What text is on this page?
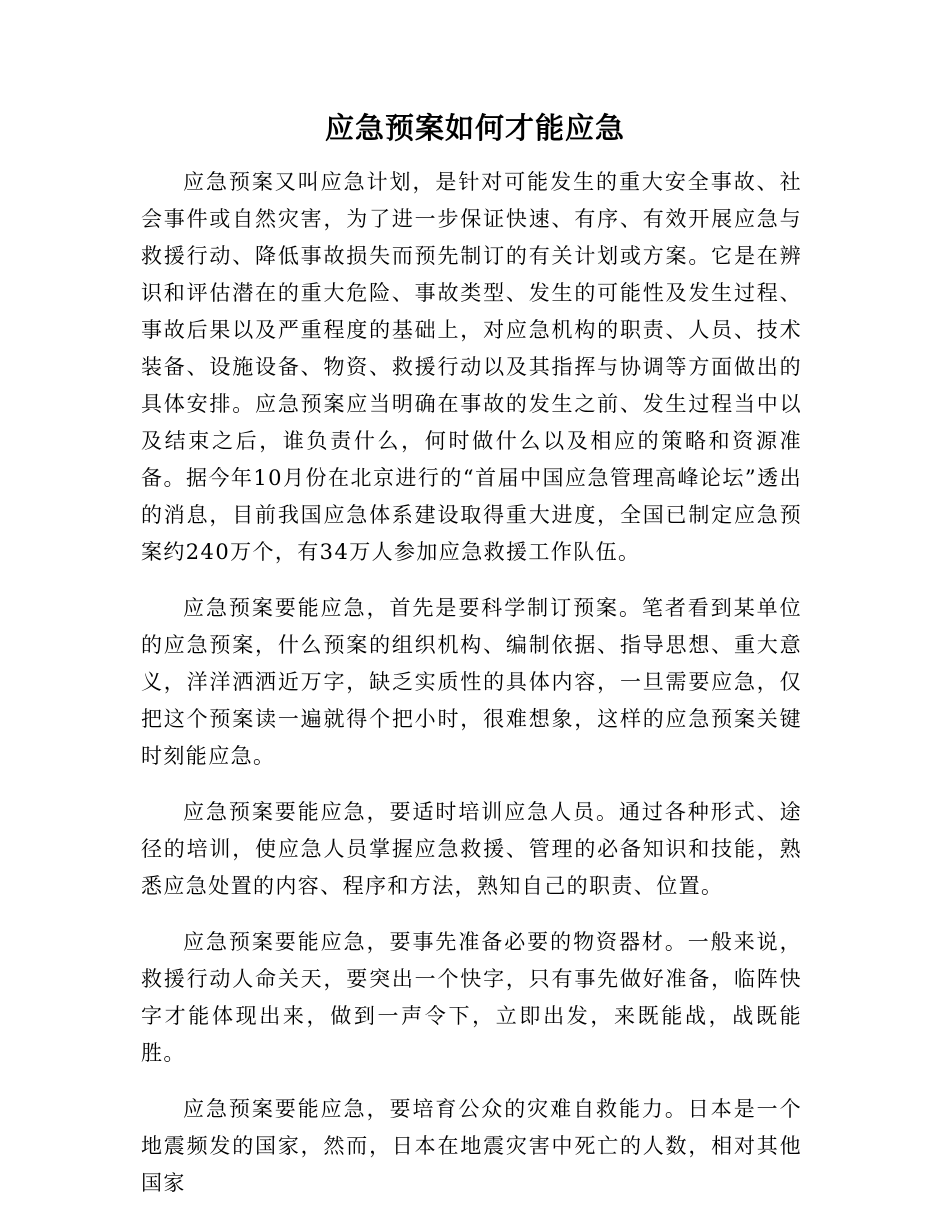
应急预案如何才能应急

应急预案又叫应急计划，是针对可能发生的重大安全事故、社会事件或自然灾害，为了进一步保证快速、有序、有效开展应急与救援行动、降低事故损失而预先制订的有关计划或方案。它是在辨识和评估潜在的重大危险、事故类型、发生的可能性及发生过程、事故后果以及严重程度的基础上，对应急机构的职责、人员、技术装备、设施设备、物资、救援行动以及其指挥与协调等方面做出的具体安排。应急预案应当明确在事故的发生之前、发生过程当中以及结束之后，谁负责什么，何时做什么以及相应的策略和资源准备。据今年10月份在北京进行的“首届中国应急管理高峰论坛”透出的消息，目前我国应急体系建设取得重大进度，全国已制定应急预案约240万个，有34万人参加应急救援工作队伍。

应急预案要能应急，首先是要科学制订预案。笔者看到某单位的应急预案，什么预案的组织机构、编制依据、指导思想、重大意义，洋洋洒洒近万字，缺乏实质性的具体内容，一旦需要应急，仅把这个预案读一遍就得个把小时，很难想象，这样的应急预案关键时刻能应急。

应急预案要能应急，要适时培训应急人员。通过各种形式、途径的培训，使应急人员掌握应急救援、管理的必备知识和技能，熟悉应急处置的内容、程序和方法，熟知自己的职责、位置。

应急预案要能应急，要事先准备必要的物资器材。一般来说，救援行动人命关天，要突出一个快字，只有事先做好准备，临阵快字才能体现出来，做到一声令下，立即出发，来既能战，战既能胜。

应急预案要能应急，要培育公众的灾难自救能力。日本是一个地震频发的国家，然而，日本在地震灾害中死亡的人数，相对其他国家
